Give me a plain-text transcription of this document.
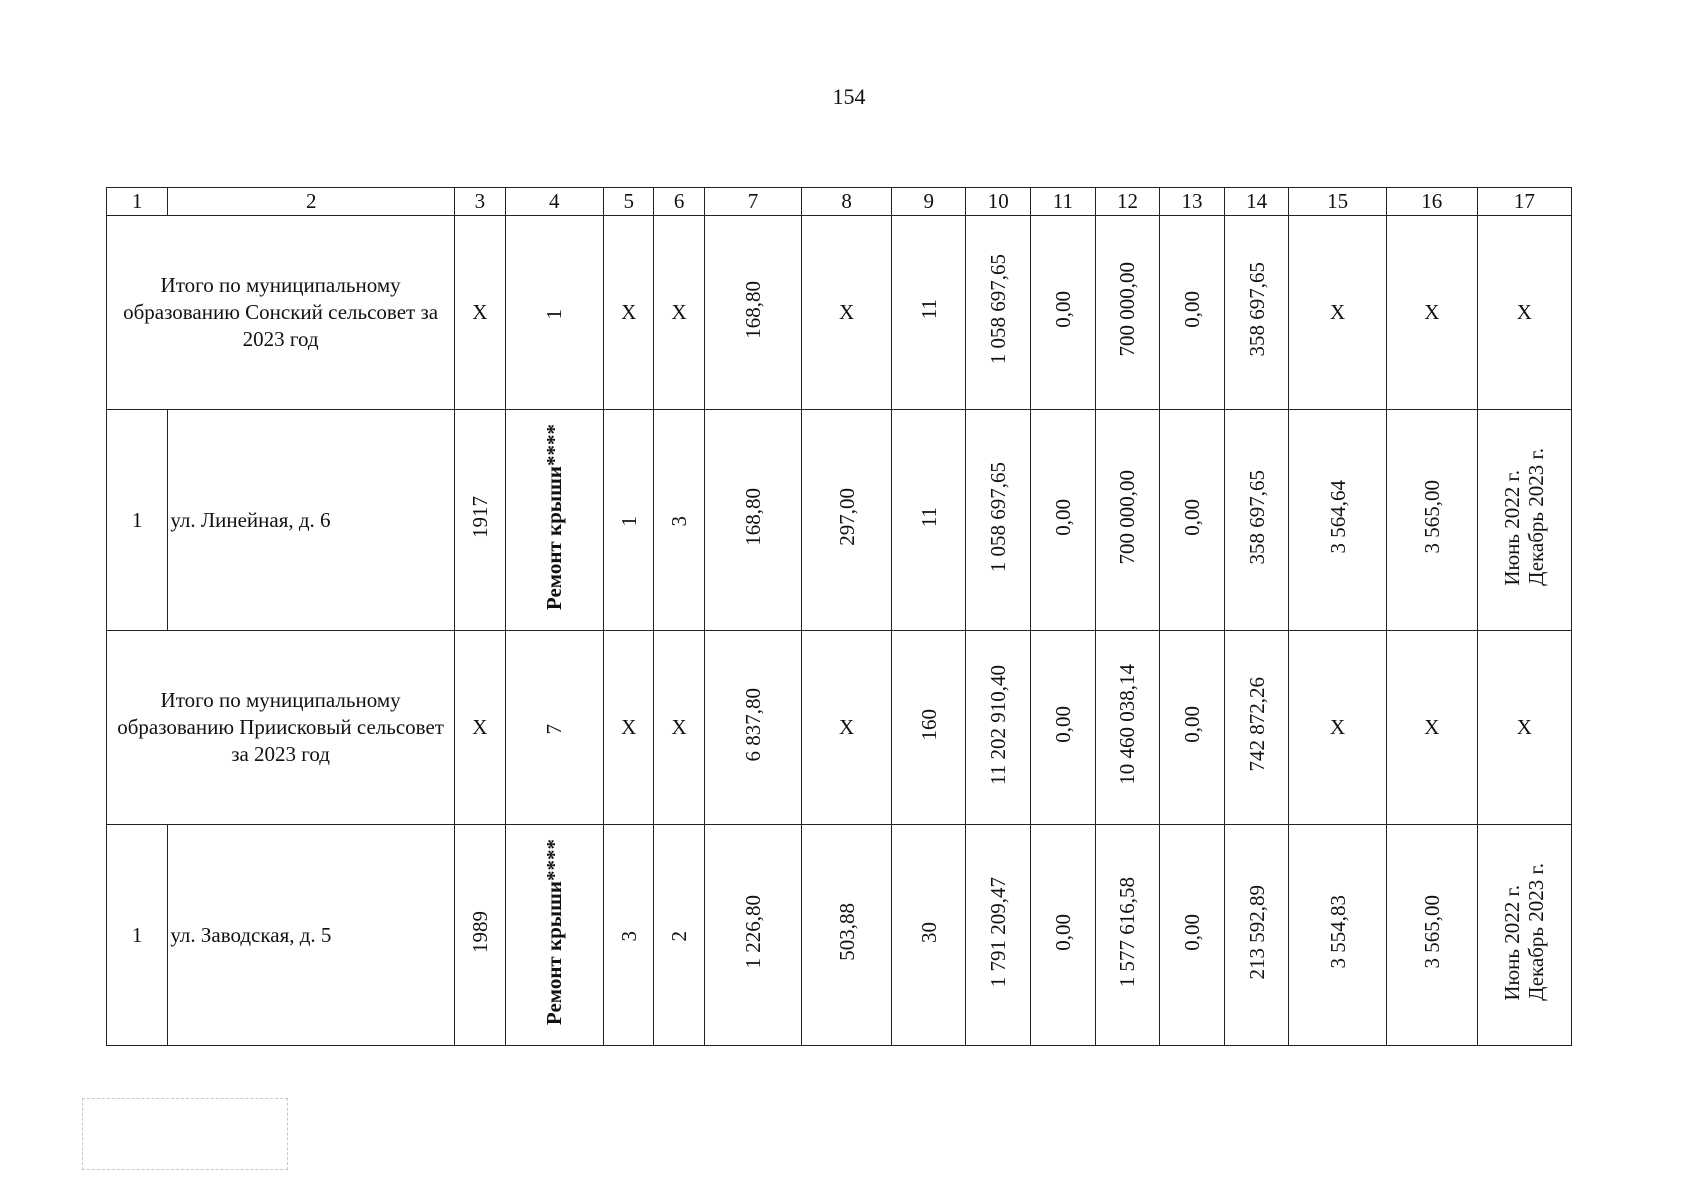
154
1	2	3	4	5	6	7	8	9	10	11	12	13	14	15	16	17
Итого по муниципальному образованию Сонский сельсовет за 2023 год		X	1	X	X	168,80	X	11	1 058 697,65	0,00	700 000,00	0,00	358 697,65	X	X	X
1	ул. Линейная, д. 6	1917	Ремонт крыши****	1	3	168,80	297,00	11	1 058 697,65	0,00	700 000,00	0,00	358 697,65	3 564,64	3 565,00	Июнь 2022 г.Декабрь 2023 г.
Итого по муниципальному образованию Приисковый сельсовет за 2023 год		X	7	X	X	6 837,80	X	160	11 202 910,40	0,00	10 460 038,14	0,00	742 872,26	X	X	X
1	ул. Заводская, д. 5	1989	Ремонт крыши****	3	2	1 226,80	503,88	30	1 791 209,47	0,00	1 577 616,58	0,00	213 592,89	3 554,83	3 565,00	Июнь 2022 г.Декабрь 2023 г.
